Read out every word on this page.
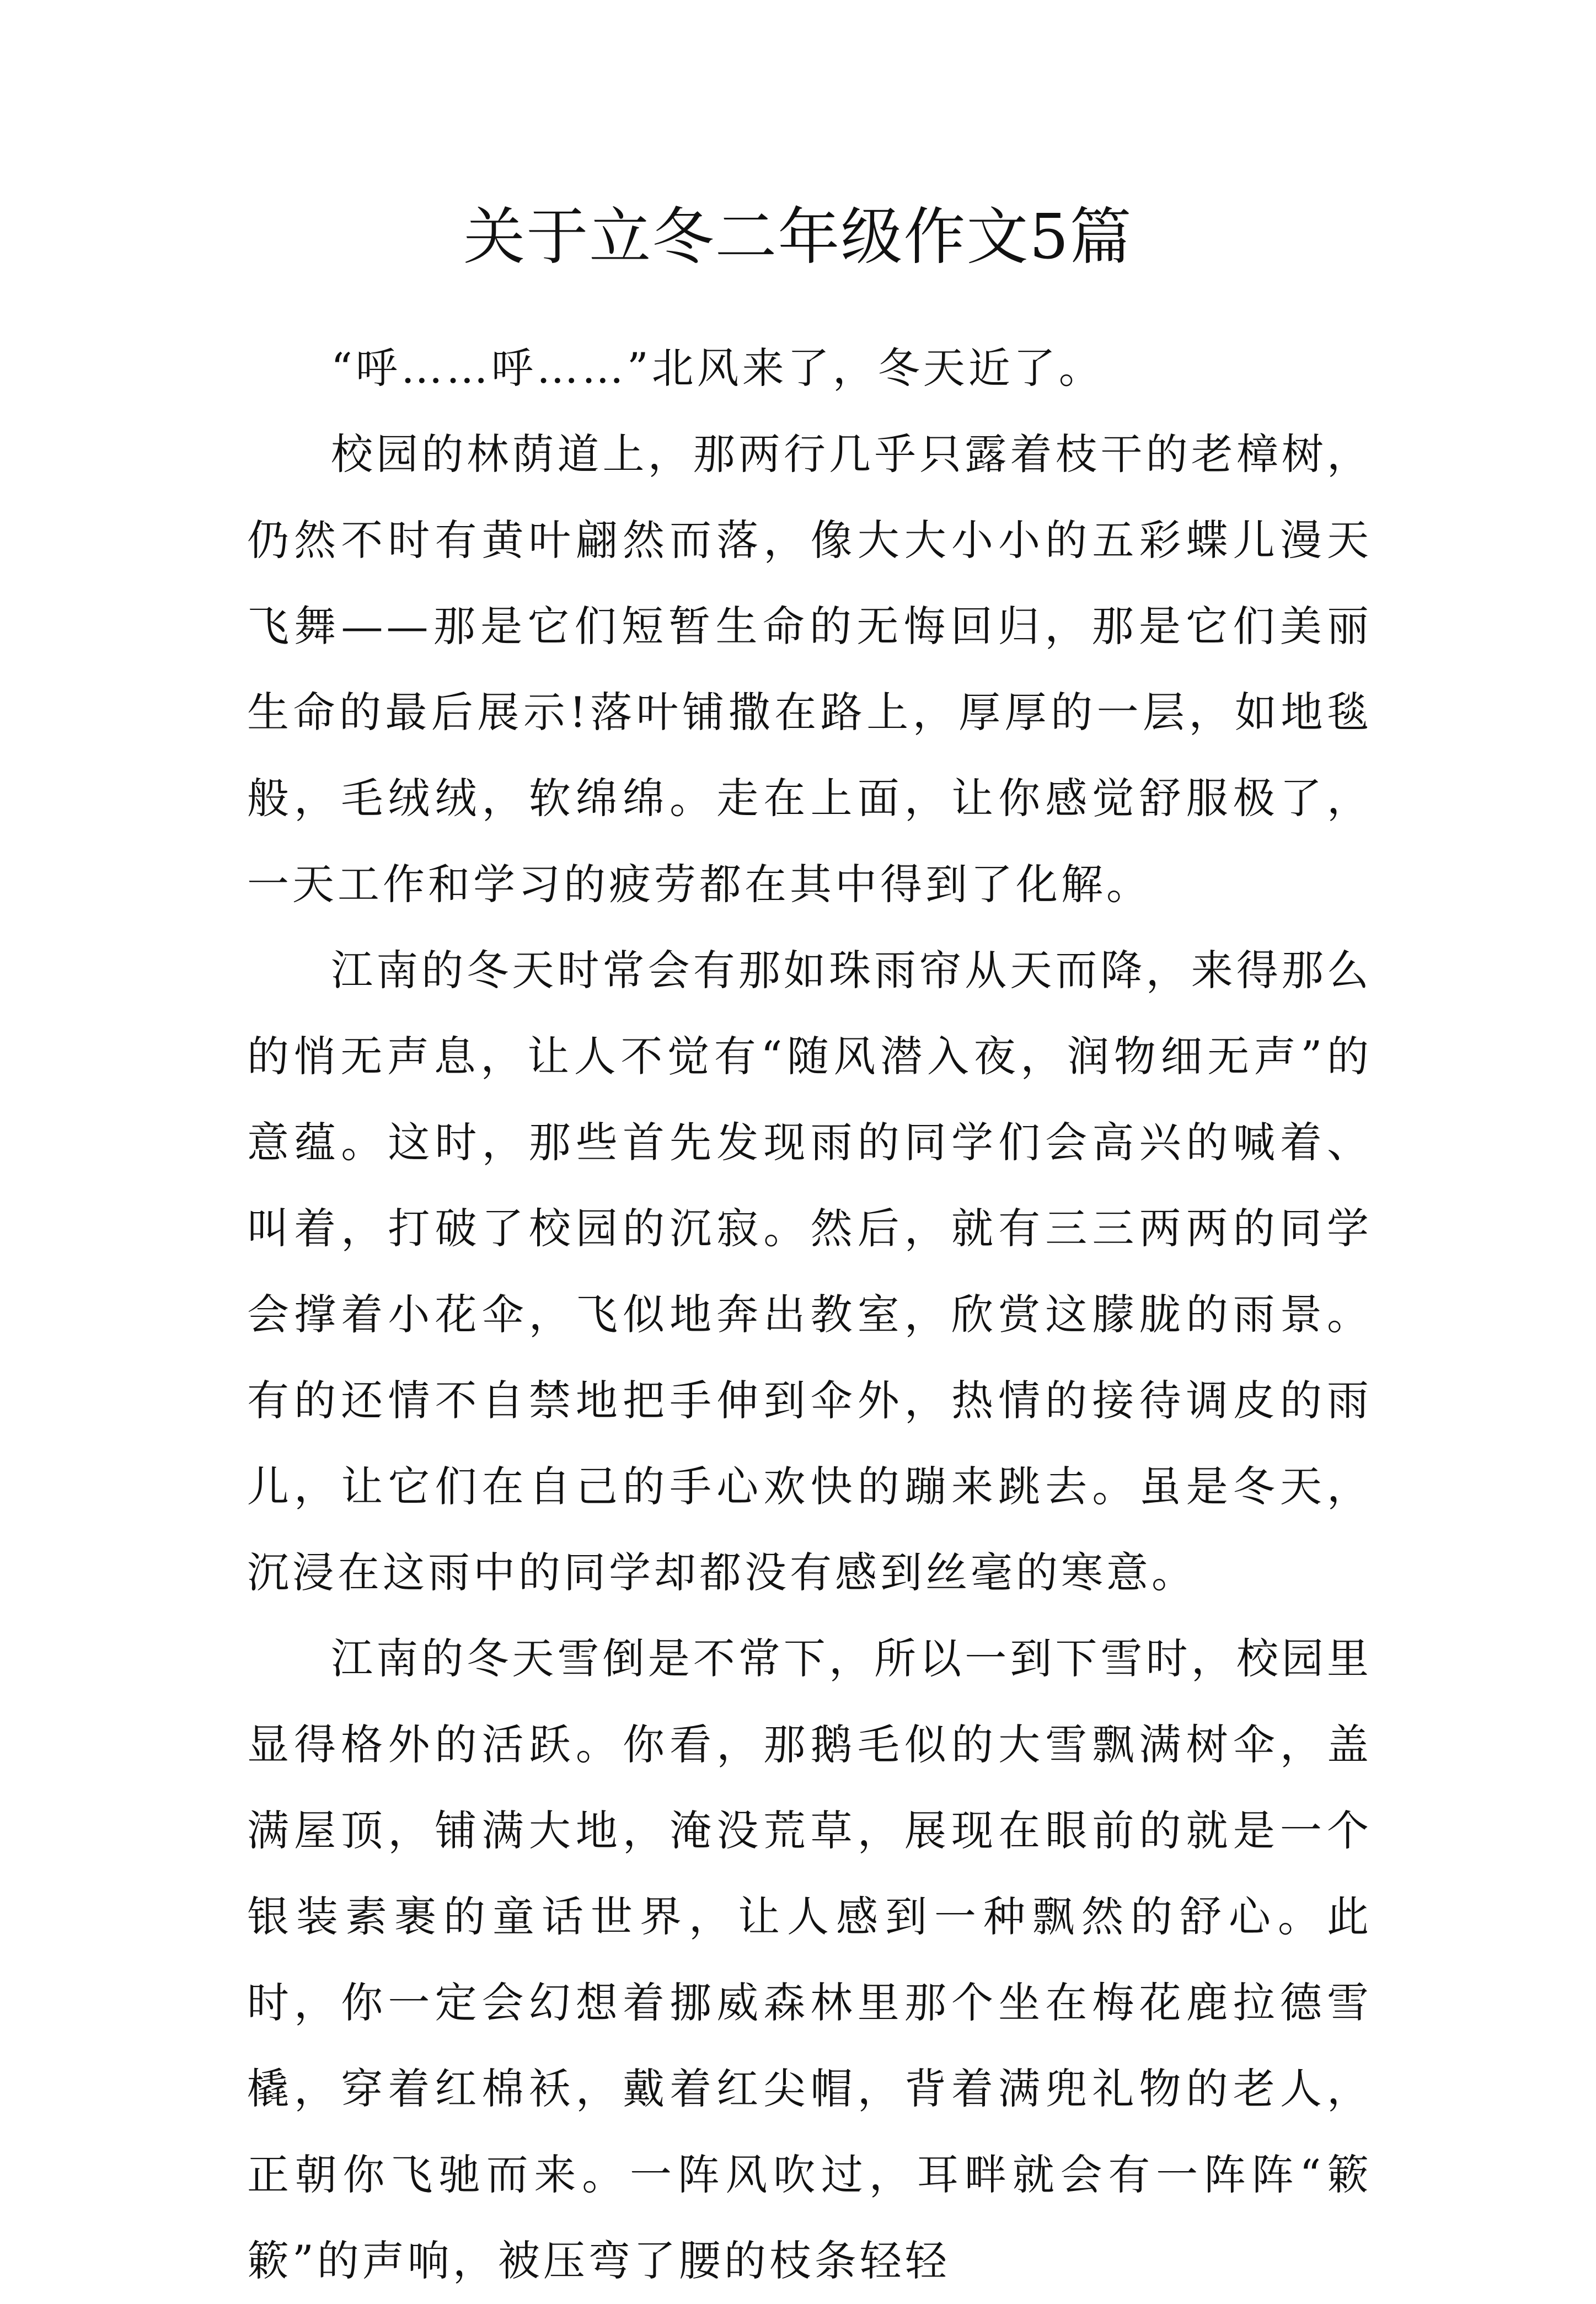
关于立冬二年级作文5篇

“呼……呼……”北风来了，冬天近了。

校园的林荫道上，那两行几乎只露着枝干的老樟树，仍然不时有黄叶翩然而落，像大大小小的五彩蝶儿漫天飞舞——那是它们短暂生命的无悔回归，那是它们美丽生命的最后展示!落叶铺撒在路上，厚厚的一层，如地毯般，毛绒绒，软绵绵。走在上面，让你感觉舒服极了，一天工作和学习的疲劳都在其中得到了化解。

江南的冬天时常会有那如珠雨帘从天而降，来得那么的悄无声息，让人不觉有“随风潜入夜，润物细无声”的意蕴。这时，那些首先发现雨的同学们会高兴的喊着、叫着，打破了校园的沉寂。然后，就有三三两两的同学会撑着小花伞，飞似地奔出教室，欣赏这朦胧的雨景。有的还情不自禁地把手伸到伞外，热情的接待调皮的雨儿，让它们在自己的手心欢快的蹦来跳去。虽是冬天，沉浸在这雨中的同学却都没有感到丝毫的寒意。

江南的冬天雪倒是不常下，所以一到下雪时，校园里显得格外的活跃。你看，那鹅毛似的大雪飘满树伞，盖满屋顶，铺满大地，淹没荒草，展现在眼前的就是一个银装素裹的童话世界，让人感到一种飘然的舒心。此时，你一定会幻想着挪威森林里那个坐在梅花鹿拉德雪橇，穿着红棉袄，戴着红尖帽，背着满兜礼物的老人，正朝你飞驰而来。一阵风吹过，耳畔就会有一阵阵“簌簌”的声响，被压弯了腰的枝条轻轻
